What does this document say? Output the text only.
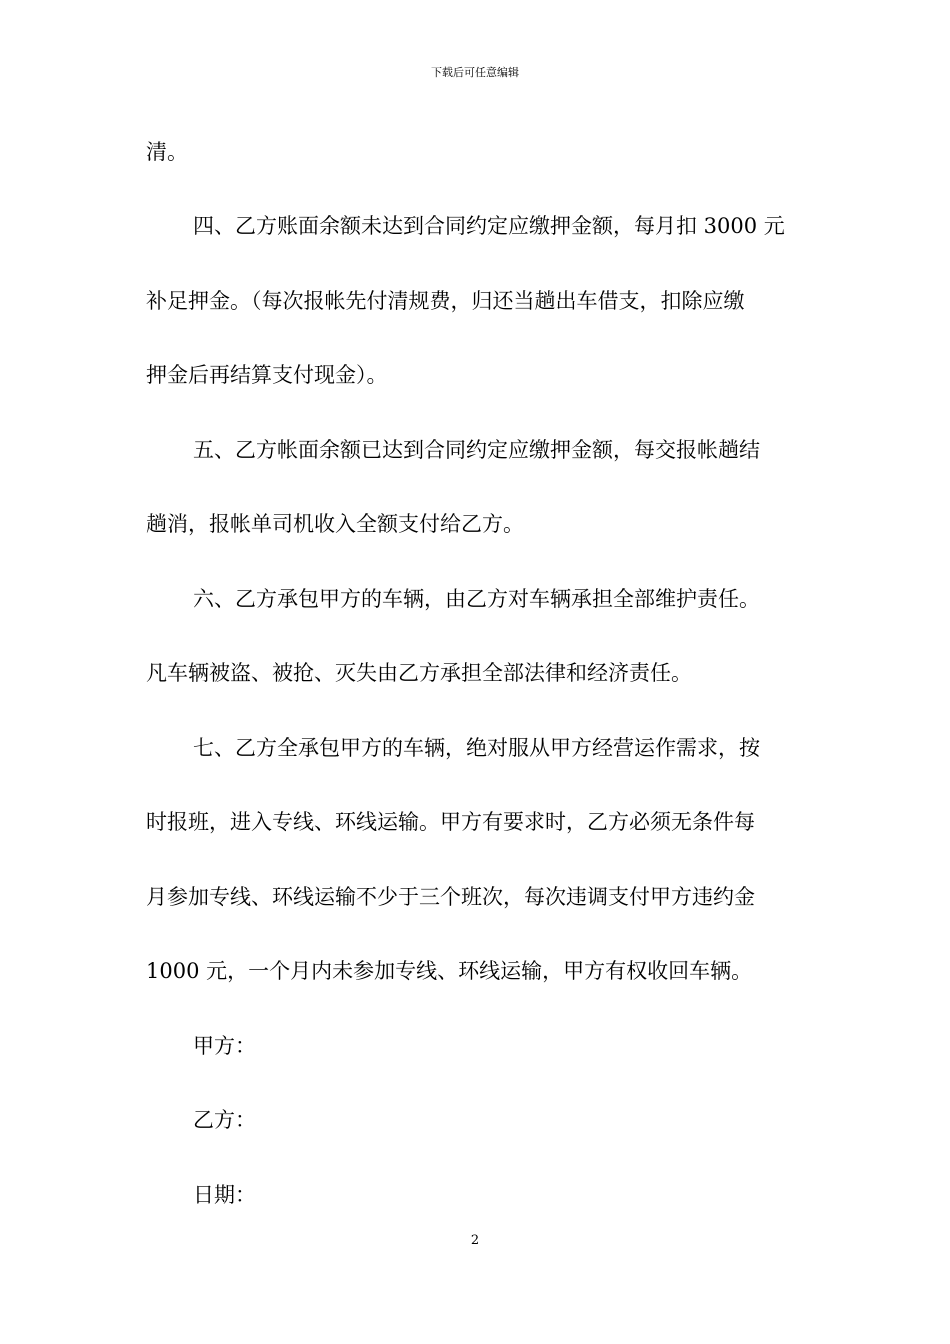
下载后可任意编辑
清。
四、乙方账面余额未达到合同约定应缴押金额，每月扣 3000 元
补足押金。（每次报帐先付清规费，归还当趟出车借支，扣除应缴
押金后再结算支付现金）。
五、乙方帐面余额已达到合同约定应缴押金额，每交报帐趟结
趟消，报帐单司机收入全额支付给乙方。
六、乙方承包甲方的车辆，由乙方对车辆承担全部维护责任。
凡车辆被盗、被抢、灭失由乙方承担全部法律和经济责任。
七、乙方全承包甲方的车辆，绝对服从甲方经营运作需求，按
时报班，进入专线、环线运输。甲方有要求时，乙方必须无条件每
月参加专线、环线运输不少于三个班次，每次违调支付甲方违约金
1000 元，一个月内未参加专线、环线运输，甲方有权收回车辆。
甲方：
乙方：
日期：
2
